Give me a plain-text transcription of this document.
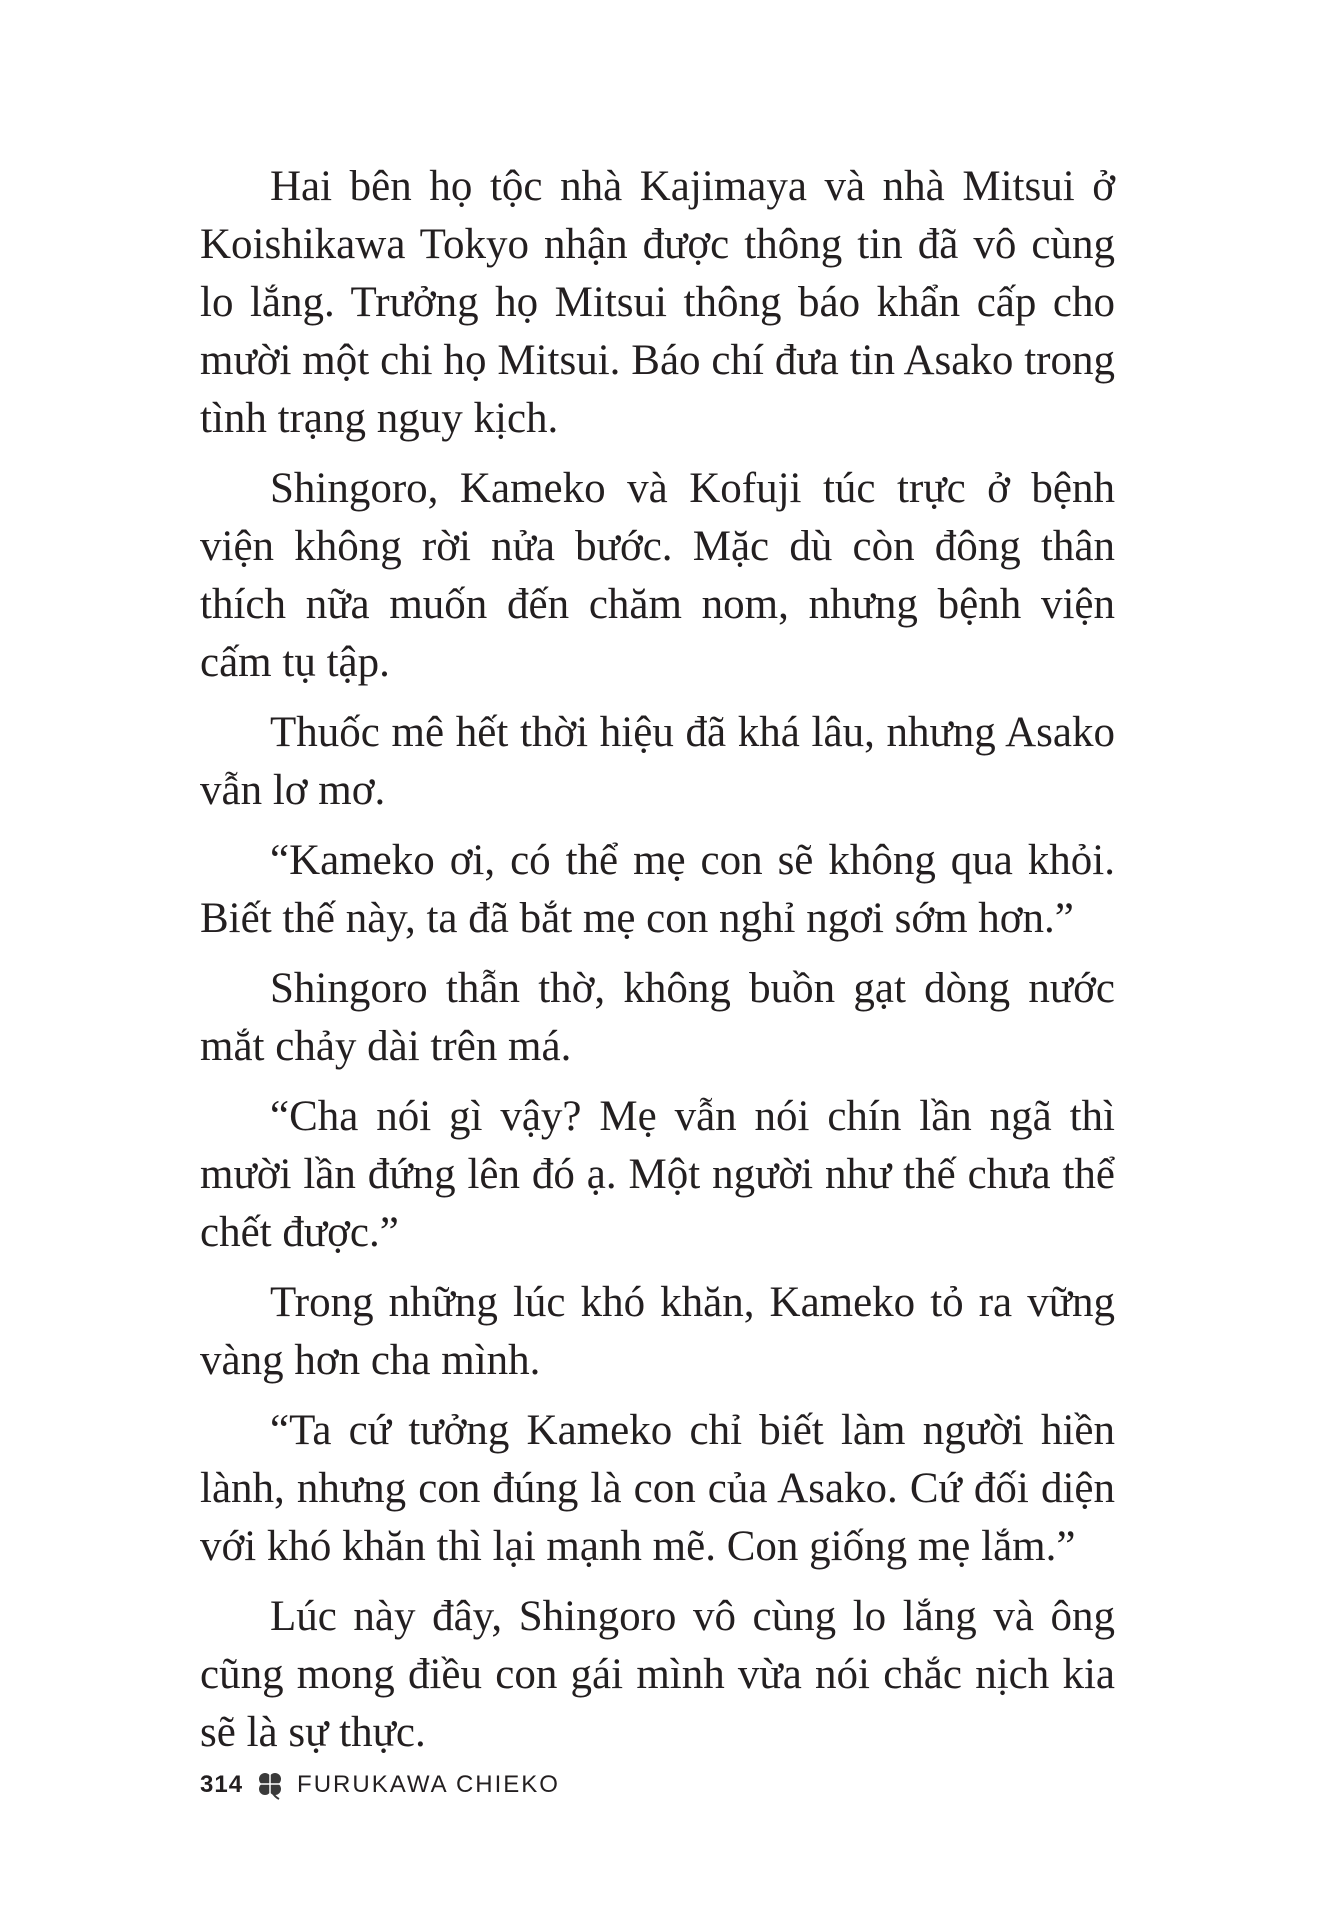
Hai bên họ tộc nhà Kajimaya và nhà Mitsui ở Koishikawa Tokyo nhận được thông tin đã vô cùng lo lắng. Trưởng họ Mitsui thông báo khẩn cấp cho mười một chi họ Mitsui. Báo chí đưa tin Asako trong tình trạng nguy kịch.

Shingoro, Kameko và Kofuji túc trực ở bệnh viện không rời nửa bước. Mặc dù còn đông thân thích nữa muốn đến chăm nom, nhưng bệnh viện cấm tụ tập.

Thuốc mê hết thời hiệu đã khá lâu, nhưng Asako vẫn lơ mơ.

“Kameko ơi, có thể mẹ con sẽ không qua khỏi. Biết thế này, ta đã bắt mẹ con nghỉ ngơi sớm hơn.”

Shingoro thẫn thờ, không buồn gạt dòng nước mắt chảy dài trên má.

“Cha nói gì vậy? Mẹ vẫn nói chín lần ngã thì mười lần đứng lên đó ạ. Một người như thế chưa thể chết được.”

Trong những lúc khó khăn, Kameko tỏ ra vững vàng hơn cha mình.

“Ta cứ tưởng Kameko chỉ biết làm người hiền lành, nhưng con đúng là con của Asako. Cứ đối diện với khó khăn thì lại mạnh mẽ. Con giống mẹ lắm.”

Lúc này đây, Shingoro vô cùng lo lắng và ông cũng mong điều con gái mình vừa nói chắc nịch kia sẽ là sự thực.

314 FURUKAWA CHIEKO
